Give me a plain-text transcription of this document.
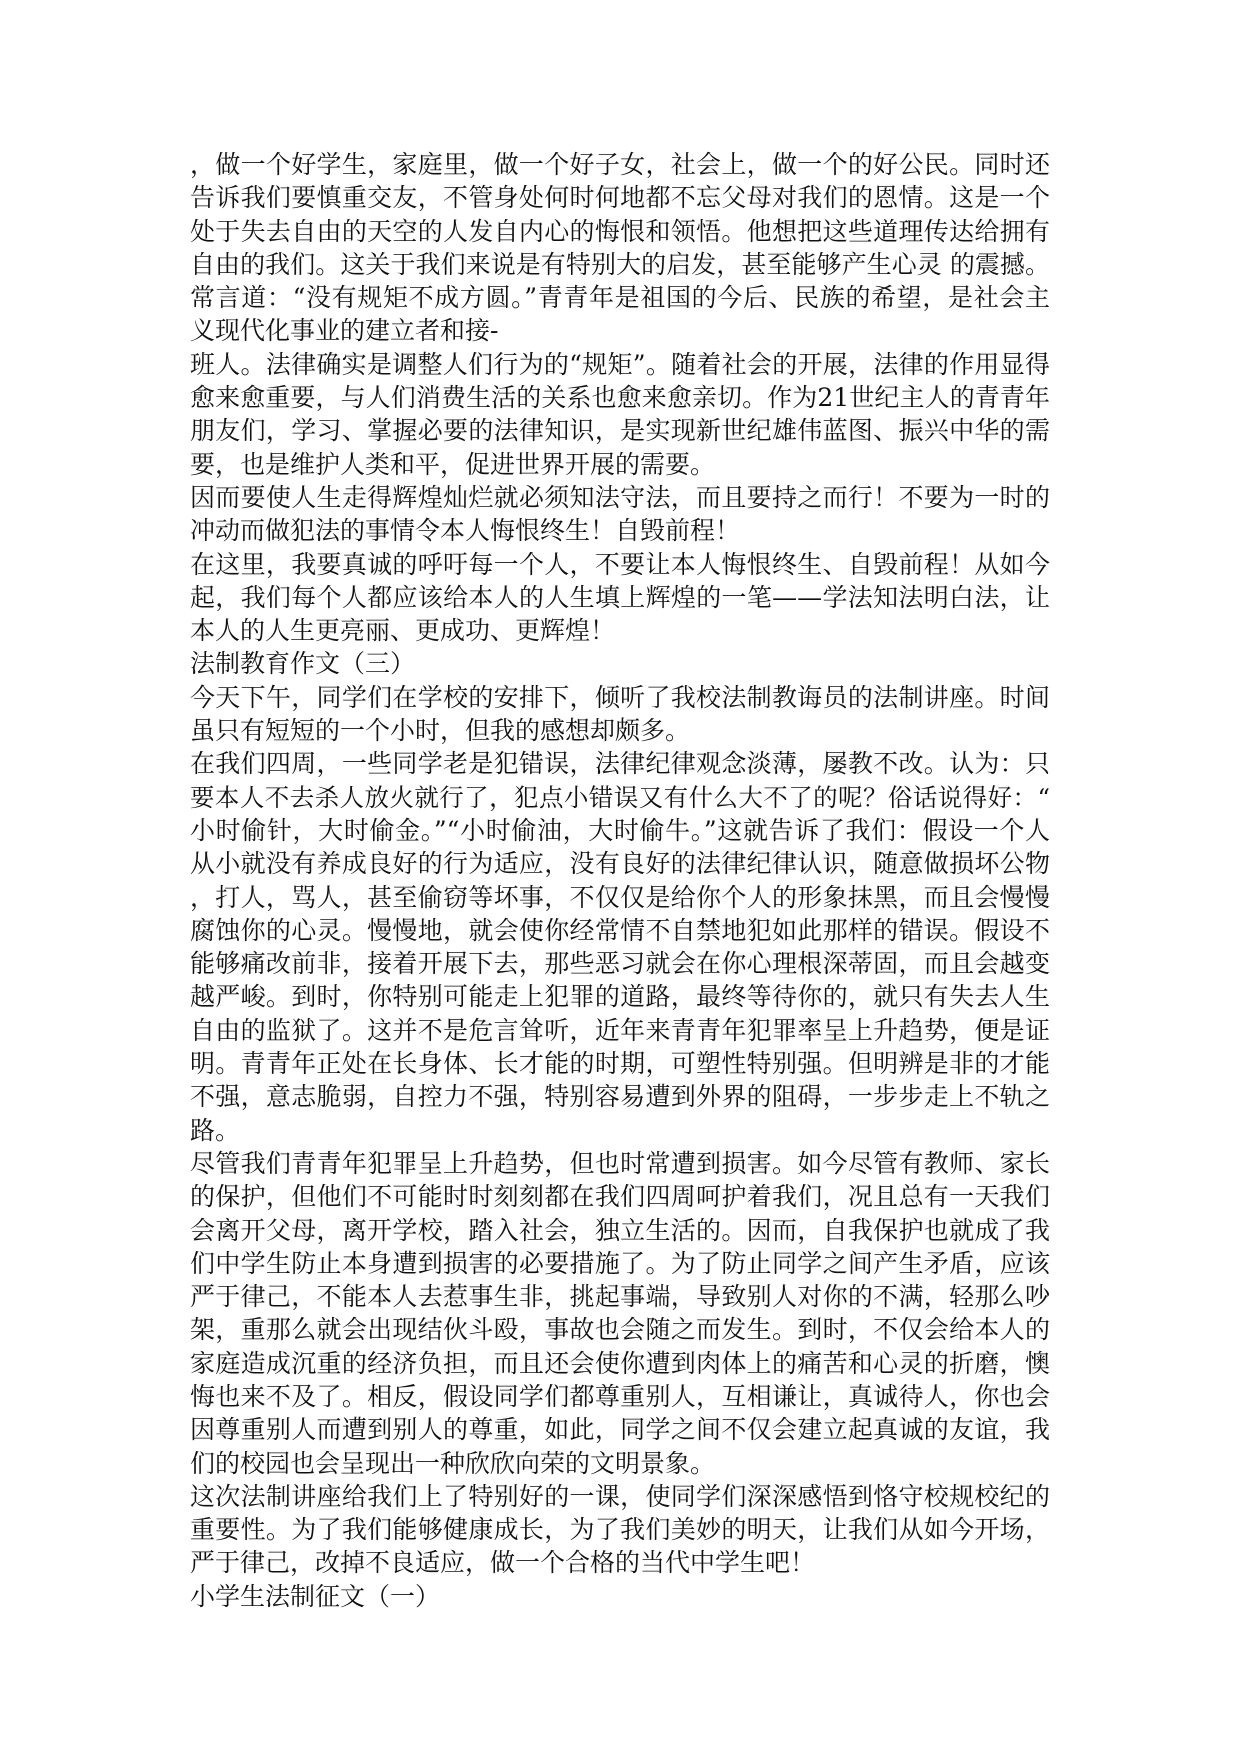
，做一个好学生，家庭里，做一个好子女，社会上，做一个的好公民。同时还
告诉我们要慎重交友，不管身处何时何地都不忘父母对我们的恩情。这是一个
处于失去自由的天空的人发自内心的悔恨和领悟。他想把这些道理传达给拥有
自由的我们。这关于我们来说是有特别大的启发，甚至能够产生心灵 的震撼。
常言道：“没有规矩不成方圆。”青青年是祖国的今后、民族的希望，是社会主
义现代化事业的建立者和接-
班人。法律确实是调整人们行为的“规矩”。随着社会的开展，法律的作用显得
愈来愈重要，与人们消费生活的关系也愈来愈亲切。作为21世纪主人的青青年
朋友们，学习、掌握必要的法律知识，是实现新世纪雄伟蓝图、振兴中华的需
要，也是维护人类和平，促进世界开展的需要。
因而要使人生走得辉煌灿烂就必须知法守法，而且要持之而行！不要为一时的
冲动而做犯法的事情令本人悔恨终生！自毁前程！
在这里，我要真诚的呼吁每一个人，不要让本人悔恨终生、自毁前程！从如今
起，我们每个人都应该给本人的人生填上辉煌的一笔——学法知法明白法，让
本人的人生更亮丽、更成功、更辉煌！
法制教育作文（三）
今天下午，同学们在学校的安排下，倾听了我校法制教诲员的法制讲座。时间
虽只有短短的一个小时，但我的感想却颇多。
在我们四周，一些同学老是犯错误，法律纪律观念淡薄，屡教不改。认为：只
要本人不去杀人放火就行了，犯点小错误又有什么大不了的呢？俗话说得好：“
小时偷针，大时偷金。”“小时偷油，大时偷牛。”这就告诉了我们：假设一个人
从小就没有养成良好的行为适应，没有良好的法律纪律认识，随意做损坏公物
，打人，骂人，甚至偷窃等坏事，不仅仅是给你个人的形象抹黑，而且会慢慢
腐蚀你的心灵。慢慢地，就会使你经常情不自禁地犯如此那样的错误。假设不
能够痛改前非，接着开展下去，那些恶习就会在你心理根深蒂固，而且会越变
越严峻。到时，你特别可能走上犯罪的道路，最终等待你的，就只有失去人生
自由的监狱了。这并不是危言耸听，近年来青青年犯罪率呈上升趋势，便是证
明。青青年正处在长身体、长才能的时期，可塑性特别强。但明辨是非的才能
不强，意志脆弱，自控力不强，特别容易遭到外界的阻碍，一步步走上不轨之
路。
尽管我们青青年犯罪呈上升趋势，但也时常遭到损害。如今尽管有教师、家长
的保护，但他们不可能时时刻刻都在我们四周呵护着我们，况且总有一天我们
会离开父母，离开学校，踏入社会，独立生活的。因而，自我保护也就成了我
们中学生防止本身遭到损害的必要措施了。为了防止同学之间产生矛盾，应该
严于律己，不能本人去惹事生非，挑起事端，导致别人对你的不满，轻那么吵
架，重那么就会出现结伙斗殴，事故也会随之而发生。到时，不仅会给本人的
家庭造成沉重的经济负担，而且还会使你遭到肉体上的痛苦和心灵的折磨，懊
悔也来不及了。相反，假设同学们都尊重别人，互相谦让，真诚待人，你也会
因尊重别人而遭到别人的尊重，如此，同学之间不仅会建立起真诚的友谊，我
们的校园也会呈现出一种欣欣向荣的文明景象。
这次法制讲座给我们上了特别好的一课，使同学们深深感悟到恪守校规校纪的
重要性。为了我们能够健康成长，为了我们美妙的明天，让我们从如今开场，
严于律己，改掉不良适应，做一个合格的当代中学生吧！
小学生法制征文（一）
